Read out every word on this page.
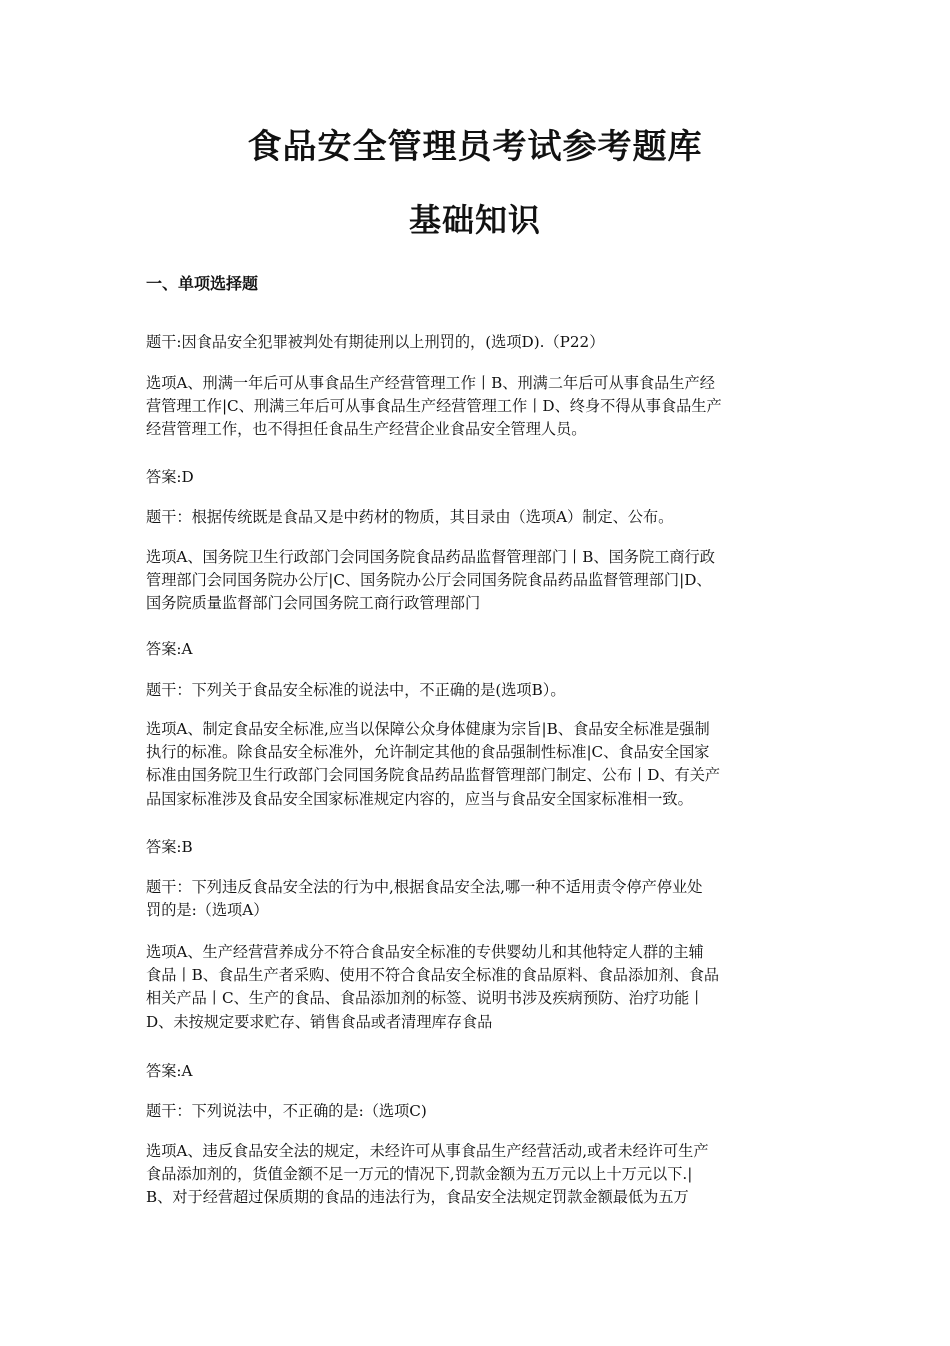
食品安全管理员考试参考题库
基础知识
一、单项选择题
题干:因食品安全犯罪被判处有期徒刑以上刑罚的，(选项D).（P22）
选项A、刑满一年后可从事食品生产经营管理工作丨B、刑满二年后可从事食品生产经
营管理工作|C、刑满三年后可从事食品生产经营管理工作丨D、终身不得从事食品生产
经营管理工作，也不得担任食品生产经营企业食品安全管理人员。
答案:D
题干：根据传统既是食品又是中药材的物质，其目录由（选项A）制定、公布。
选项A、国务院卫生行政部门会同国务院食品药品监督管理部门丨B、国务院工商行政
管理部门会同国务院办公厅|C、国务院办公厅会同国务院食品药品监督管理部门|D、
国务院质量监督部门会同国务院工商行政管理部门
答案:A
题干：下列关于食品安全标准的说法中，不正确的是(选项B）。
选项A、制定食品安全标准,应当以保障公众身体健康为宗旨|B、食品安全标准是强制
执行的标准。除食品安全标准外，允许制定其他的食品强制性标准|C、食品安全国家
标准由国务院卫生行政部门会同国务院食品药品监督管理部门制定、公布丨D、有关产
品国家标准涉及食品安全国家标准规定内容的，应当与食品安全国家标准相一致。
答案:B
题干：下列违反食品安全法的行为中,根据食品安全法,哪一种不适用责令停产停业处
罚的是:（选项A）
选项A、生产经营营养成分不符合食品安全标准的专供婴幼儿和其他特定人群的主辅
食品丨B、食品生产者采购、使用不符合食品安全标准的食品原料、食品添加剂、食品
相关产品丨C、生产的食品、食品添加剂的标签、说明书涉及疾病预防、治疗功能丨
D、未按规定要求贮存、销售食品或者清理库存食品
答案:A
题干：下列说法中，不正确的是:（选项C)
选项A、违反食品安全法的规定，未经许可从事食品生产经营活动,或者未经许可生产
食品添加剂的，货值金额不足一万元的情况下,罚款金额为五万元以上十万元以下.|
B、对于经营超过保质期的食品的违法行为，食品安全法规定罚款金额最低为五万
